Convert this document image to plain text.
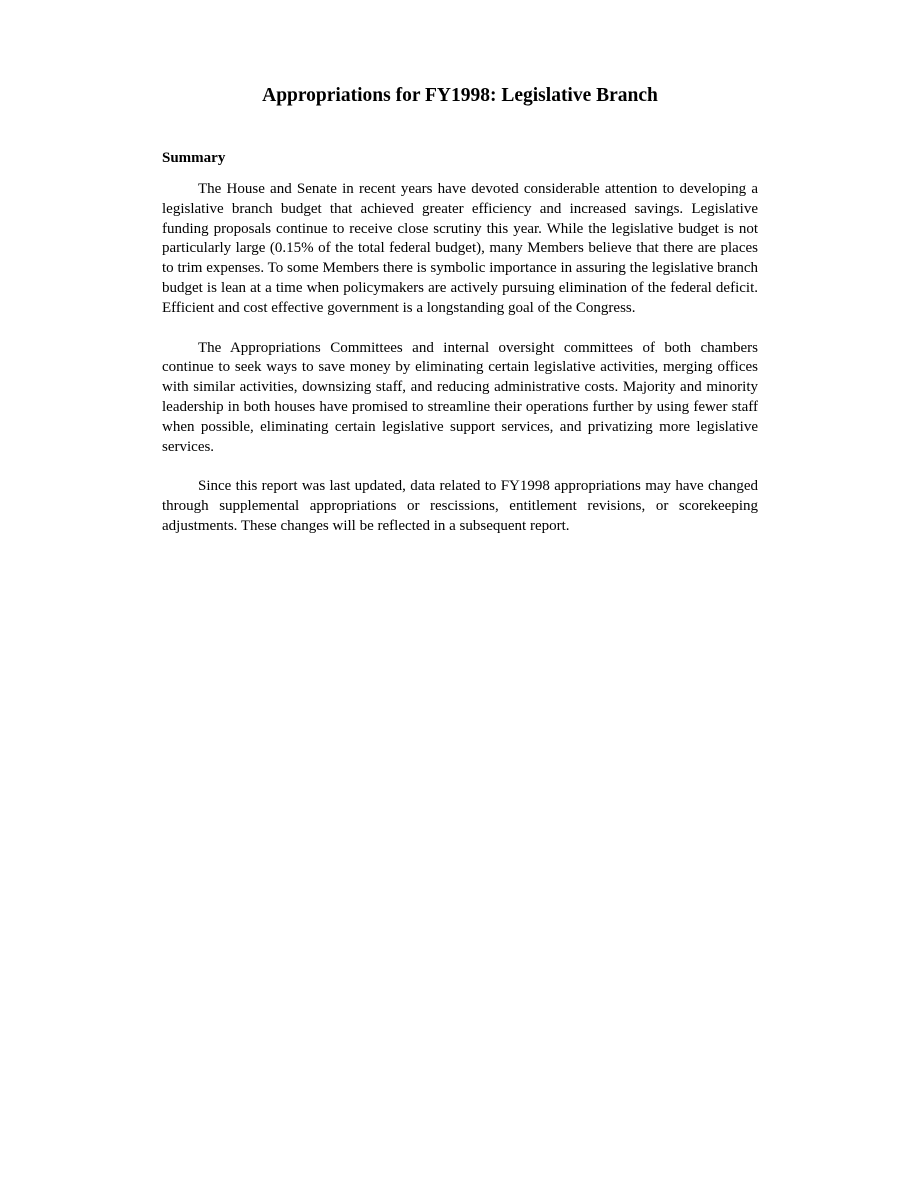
Appropriations for FY1998: Legislative Branch
Summary

The House and Senate in recent years have devoted considerable attention to developing a legislative branch budget that achieved greater efficiency and increased savings. Legislative funding proposals continue to receive close scrutiny this year. While the legislative budget is not particularly large (0.15% of the total federal budget), many Members believe that there are places to trim expenses. To some Members there is symbolic importance in assuring the legislative branch budget is lean at a time when policymakers are actively pursuing elimination of the federal deficit. Efficient and cost effective government is a longstanding goal of the Congress.

The Appropriations Committees and internal oversight committees of both chambers continue to seek ways to save money by eliminating certain legislative activities, merging offices with similar activities, downsizing staff, and reducing administrative costs. Majority and minority leadership in both houses have promised to streamline their operations further by using fewer staff when possible, eliminating certain legislative support services, and privatizing more legislative services.

Since this report was last updated, data related to FY1998 appropriations may have changed through supplemental appropriations or rescissions, entitlement revisions, or scorekeeping adjustments. These changes will be reflected in a subsequent report.
